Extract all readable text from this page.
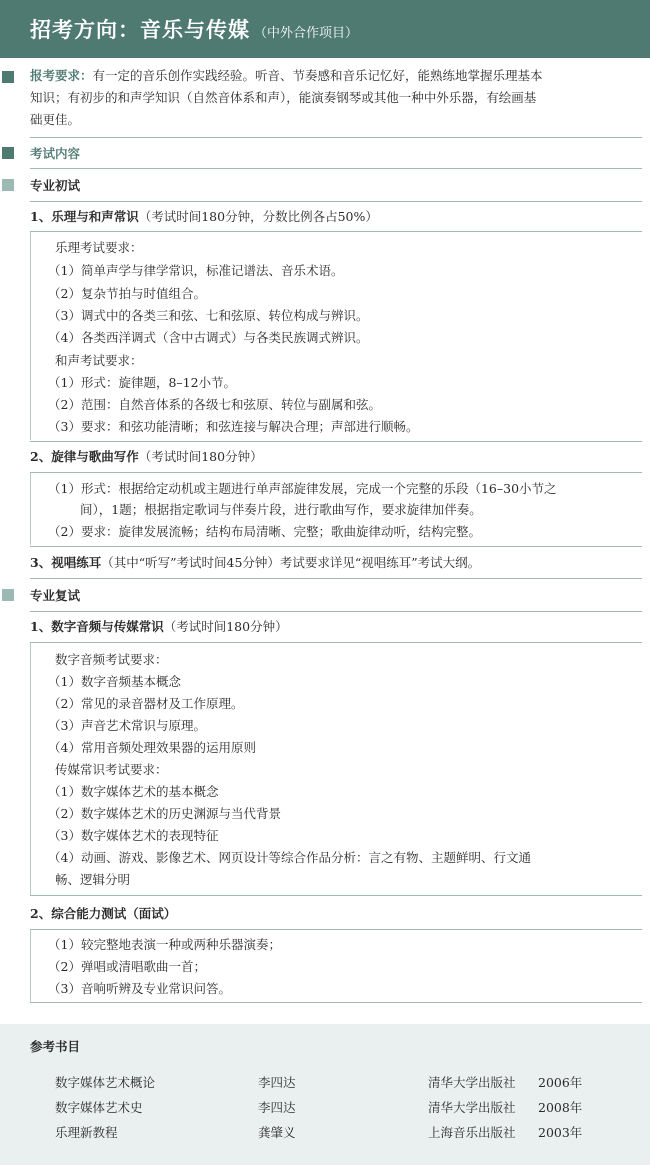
招考方向：音乐与传媒 （中外合作项目）
报考要求：有一定的音乐创作实践经验。听音、节奏感和音乐记忆好，能熟练地掌握乐理基本
知识；有初步的和声学知识（自然音体系和声），能演奏钢琴或其他一种中外乐器，有绘画基
础更佳。
考试内容
专业初试
1、乐理与和声常识（考试时间180分钟，分数比例各占50%）
乐理考试要求：
（1）简单声学与律学常识，标准记谱法、音乐术语。
（2）复杂节拍与时值组合。
（3）调式中的各类三和弦、七和弦原、转位构成与辨识。
（4）各类西洋调式（含中古调式）与各类民族调式辨识。
和声考试要求：
（1）形式：旋律题，8–12小节。
（2）范围：自然音体系的各级七和弦原、转位与副属和弦。
（3）要求：和弦功能清晰；和弦连接与解决合理；声部进行顺畅。
2、旋律与歌曲写作（考试时间180分钟）
（1）形式：根据给定动机或主题进行单声部旋律发展，完成一个完整的乐段（16–30小节之
间），1题；根据指定歌词与伴奏片段，进行歌曲写作，要求旋律加伴奏。
（2）要求：旋律发展流畅；结构布局清晰、完整；歌曲旋律动听，结构完整。
3、视唱练耳（其中“听写”考试时间45分钟）考试要求详见“视唱练耳”考试大纲。
专业复试
1、数字音频与传媒常识（考试时间180分钟）
数字音频考试要求：
（1）数字音频基本概念
（2）常见的录音器材及工作原理。
（3）声音艺术常识与原理。
（4）常用音频处理效果器的运用原则
传媒常识考试要求：
（1）数字媒体艺术的基本概念
（2）数字媒体艺术的历史渊源与当代背景
（3）数字媒体艺术的表现特征
（4）动画、游戏、影像艺术、网页设计等综合作品分析：言之有物、主题鲜明、行文通
畅、逻辑分明
2、综合能力测试（面试）
（1）较完整地表演一种或两种乐器演奏；
（2）弹唱或清唱歌曲一首；
（3）音响听辨及专业常识问答。
参考书目
数字媒体艺术概论	李四达	清华大学出版社 2006年
数字媒体艺术史	李四达	清华大学出版社 2008年
乐理新教程	龚肇义	上海音乐出版社 2003年
